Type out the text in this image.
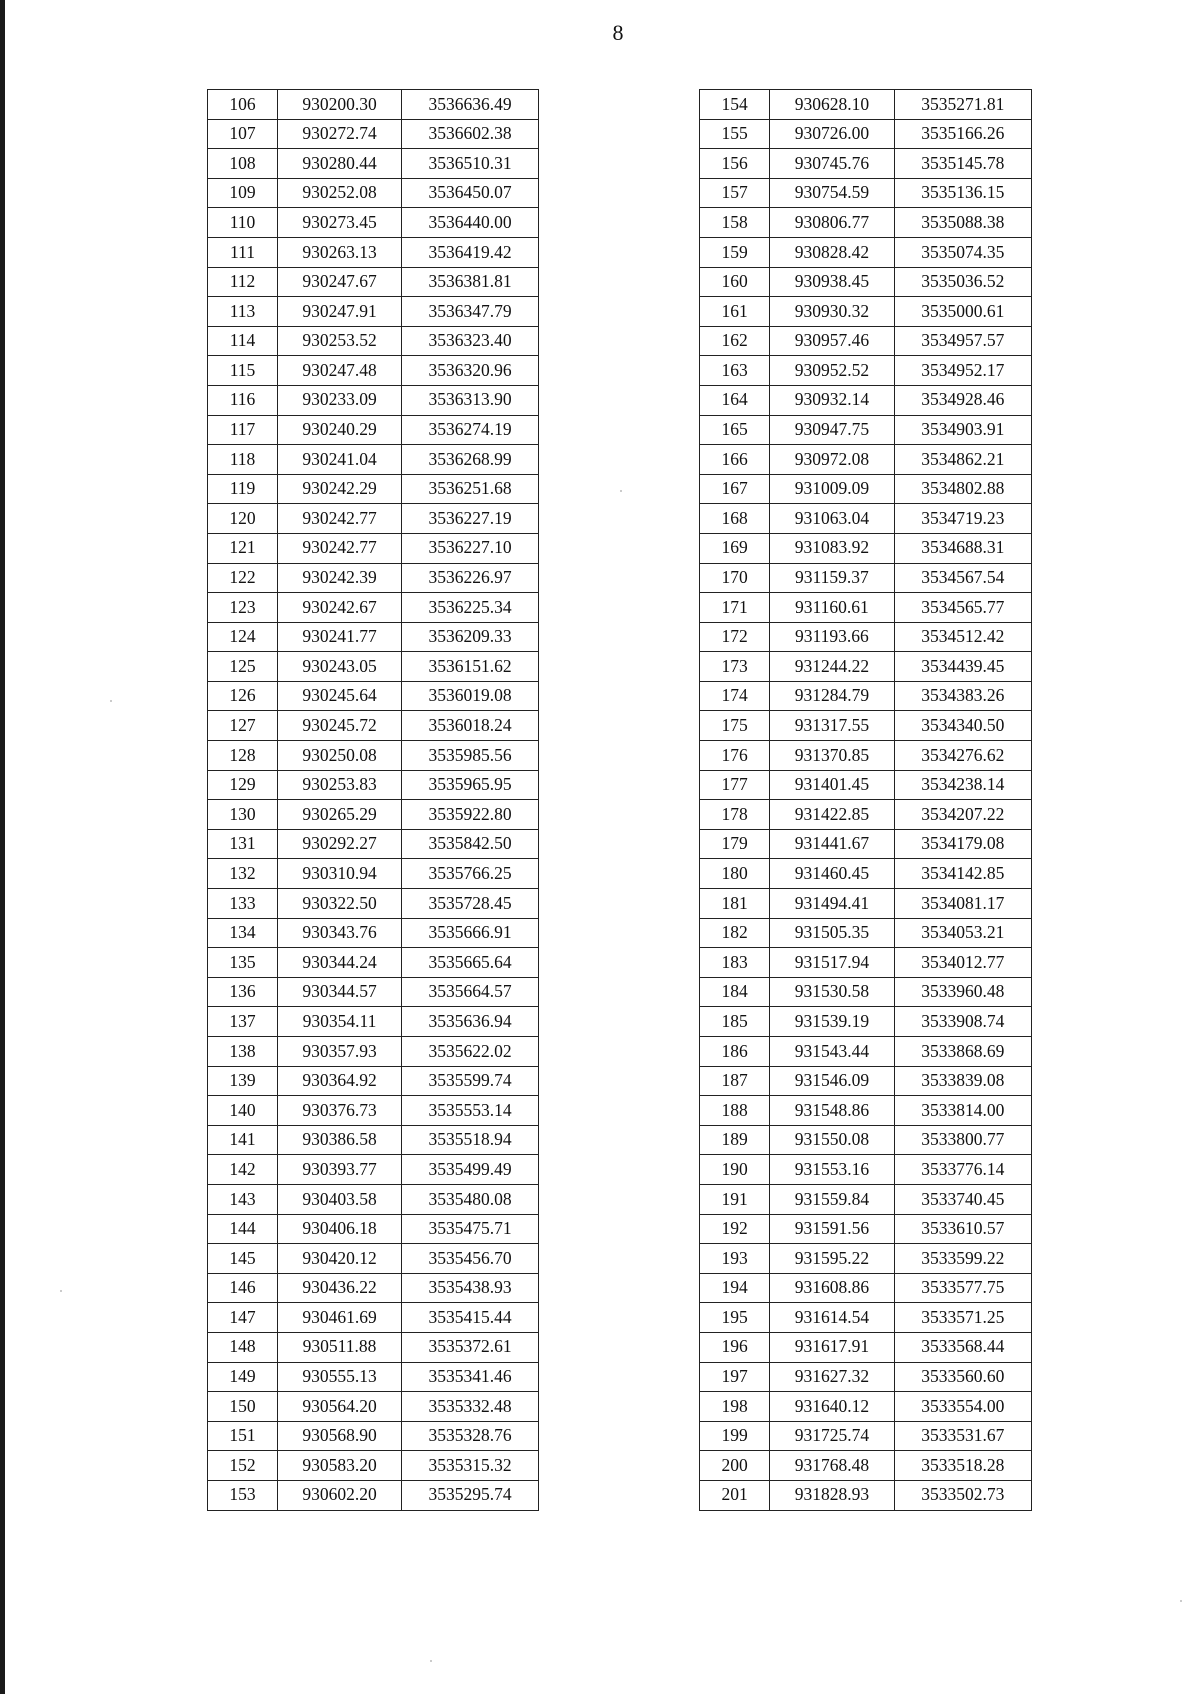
8
106	930200.30	3536636.49
107	930272.74	3536602.38
108	930280.44	3536510.31
109	930252.08	3536450.07
110	930273.45	3536440.00
111	930263.13	3536419.42
112	930247.67	3536381.81
113	930247.91	3536347.79
114	930253.52	3536323.40
115	930247.48	3536320.96
116	930233.09	3536313.90
117	930240.29	3536274.19
118	930241.04	3536268.99
119	930242.29	3536251.68
120	930242.77	3536227.19
121	930242.77	3536227.10
122	930242.39	3536226.97
123	930242.67	3536225.34
124	930241.77	3536209.33
125	930243.05	3536151.62
126	930245.64	3536019.08
127	930245.72	3536018.24
128	930250.08	3535985.56
129	930253.83	3535965.95
130	930265.29	3535922.80
131	930292.27	3535842.50
132	930310.94	3535766.25
133	930322.50	3535728.45
134	930343.76	3535666.91
135	930344.24	3535665.64
136	930344.57	3535664.57
137	930354.11	3535636.94
138	930357.93	3535622.02
139	930364.92	3535599.74
140	930376.73	3535553.14
141	930386.58	3535518.94
142	930393.77	3535499.49
143	930403.58	3535480.08
144	930406.18	3535475.71
145	930420.12	3535456.70
146	930436.22	3535438.93
147	930461.69	3535415.44
148	930511.88	3535372.61
149	930555.13	3535341.46
150	930564.20	3535332.48
151	930568.90	3535328.76
152	930583.20	3535315.32
153	930602.20	3535295.74
154	930628.10	3535271.81
155	930726.00	3535166.26
156	930745.76	3535145.78
157	930754.59	3535136.15
158	930806.77	3535088.38
159	930828.42	3535074.35
160	930938.45	3535036.52
161	930930.32	3535000.61
162	930957.46	3534957.57
163	930952.52	3534952.17
164	930932.14	3534928.46
165	930947.75	3534903.91
166	930972.08	3534862.21
167	931009.09	3534802.88
168	931063.04	3534719.23
169	931083.92	3534688.31
170	931159.37	3534567.54
171	931160.61	3534565.77
172	931193.66	3534512.42
173	931244.22	3534439.45
174	931284.79	3534383.26
175	931317.55	3534340.50
176	931370.85	3534276.62
177	931401.45	3534238.14
178	931422.85	3534207.22
179	931441.67	3534179.08
180	931460.45	3534142.85
181	931494.41	3534081.17
182	931505.35	3534053.21
183	931517.94	3534012.77
184	931530.58	3533960.48
185	931539.19	3533908.74
186	931543.44	3533868.69
187	931546.09	3533839.08
188	931548.86	3533814.00
189	931550.08	3533800.77
190	931553.16	3533776.14
191	931559.84	3533740.45
192	931591.56	3533610.57
193	931595.22	3533599.22
194	931608.86	3533577.75
195	931614.54	3533571.25
196	931617.91	3533568.44
197	931627.32	3533560.60
198	931640.12	3533554.00
199	931725.74	3533531.67
200	931768.48	3533518.28
201	931828.93	3533502.73
